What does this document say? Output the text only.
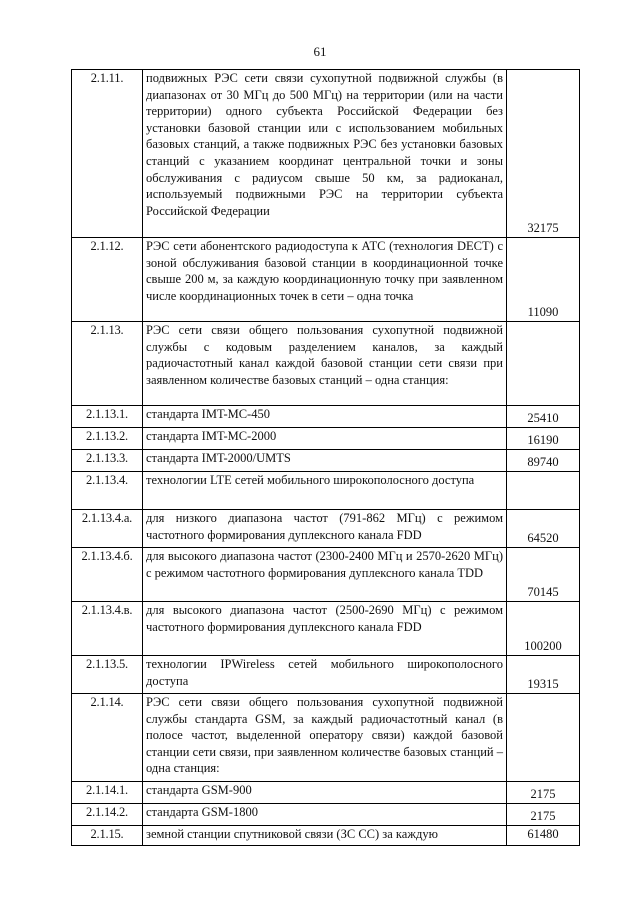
61
2.1.11.	подвижных РЭС сети связи сухопутной подвижной службы (в диапазонах от 30 МГц до 500 МГц) на территории (или на части территории) одного субъекта Российской Федерации без установки базовой станции или с использованием мобильных базовых станций, а также подвижных РЭС без установки базовых станций с указанием координат центральной точки и зоны обслуживания с радиусом свыше 50 км, за радиоканал, используемый подвижными РЭС на территории субъекта Российской Федерации	32175
2.1.12.	РЭС сети абонентского радиодоступа к АТС (технология DECT) с зоной обслуживания базовой станции в координационной точке свыше 200 м, за каждую координационную точку при заявленном числе координационных точек в сети – одна точка	11090
2.1.13.	РЭС сети связи общего пользования сухопутной подвижной службы с кодовым разделением каналов, за каждый радиочастотный канал каждой базовой станции сети связи при заявленном количестве базовых станций – одна станция:	
2.1.13.1.	стандарта IMT-MC-450	25410
2.1.13.2.	стандарта IMT-MC-2000	16190
2.1.13.3.	стандарта IMT-2000/UMTS	89740
2.1.13.4.	технологии LTE сетей мобильного широкополосного доступа	
2.1.13.4.а.	для низкого диапазона частот (791-862 МГц) с режимом частотного формирования дуплексного канала FDD	64520
2.1.13.4.б.	для высокого диапазона частот (2300-2400 МГц и 2570-2620 МГц) с режимом частотного формирования дуплексного канала TDD	70145
2.1.13.4.в.	для высокого диапазона частот (2500-2690 МГц) с режимом частотного формирования дуплексного канала FDD	100200
2.1.13.5.	технологии IPWireless сетей мобильного широкополосного доступа	19315
2.1.14.	РЭС сети связи общего пользования сухопутной подвижной службы стандарта GSM, за каждый радиочастотный канал (в полосе частот, выделенной оператору связи) каждой базовой станции сети связи, при заявленном количестве базовых станций – одна станция:	
2.1.14.1.	стандарта GSM-900	2175
2.1.14.2.	стандарта GSM-1800	2175
2.1.15.	земной станции спутниковой связи (ЗС СС) за каждую	61480
